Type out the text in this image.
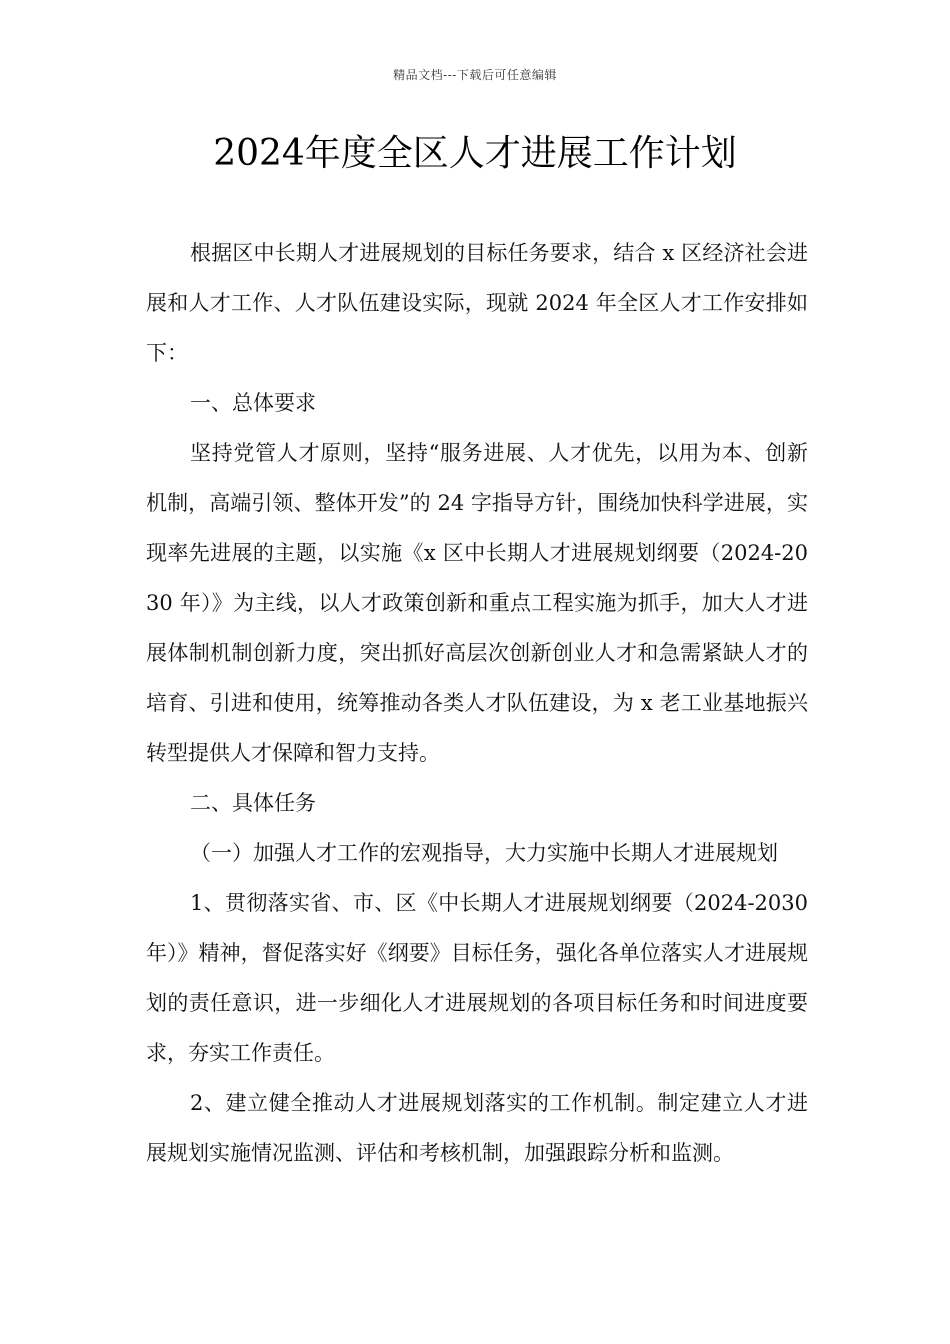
精品文档---下载后可任意编辑
2024年度全区人才进展工作计划

根据区中长期人才进展规划的目标任务要求，结合 x 区经济社会进展和人才工作、人才队伍建设实际，现就 2024 年全区人才工作安排如下：

一、总体要求

坚持党管人才原则，坚持“服务进展、人才优先，以用为本、创新机制，高端引领、整体开发”的 24 字指导方针，围绕加快科学进展，实现率先进展的主题，以实施《x 区中长期人才进展规划纲要（2024-2030 年）》为主线，以人才政策创新和重点工程实施为抓手，加大人才进展体制机制创新力度，突出抓好高层次创新创业人才和急需紧缺人才的培育、引进和使用，统筹推动各类人才队伍建设，为 x 老工业基地振兴转型提供人才保障和智力支持。

二、具体任务

（一）加强人才工作的宏观指导，大力实施中长期人才进展规划

1、贯彻落实省、市、区《中长期人才进展规划纲要（2024-2030 年）》精神，督促落实好《纲要》目标任务，强化各单位落实人才进展规划的责任意识，进一步细化人才进展规划的各项目标任务和时间进度要求，夯实工作责任。

2、建立健全推动人才进展规划落实的工作机制。制定建立人才进展规划实施情况监测、评估和考核机制，加强跟踪分析和监测。
